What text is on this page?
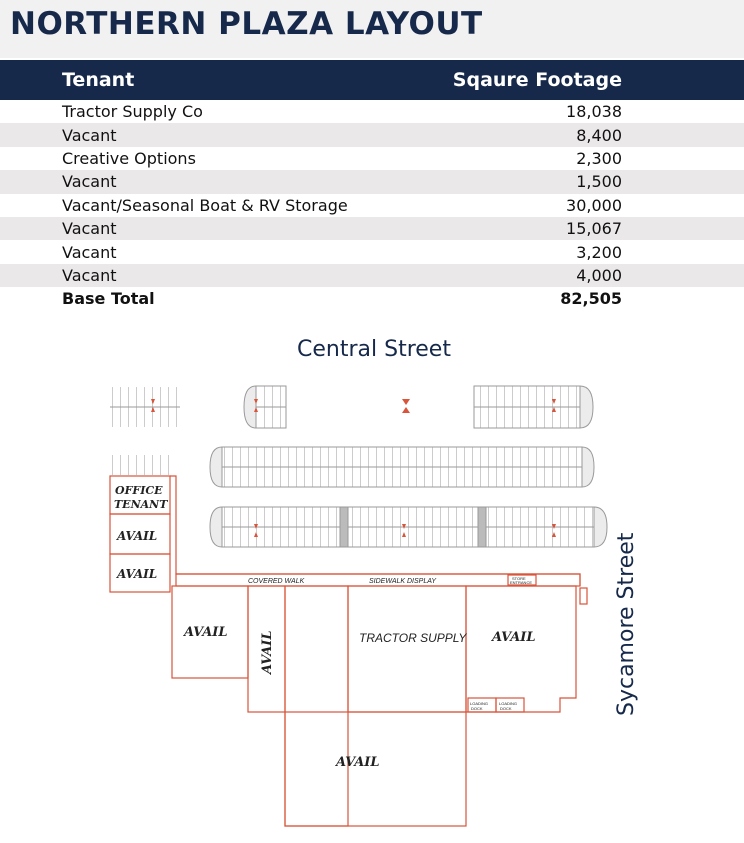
NORTHERN PLAZA LAYOUT
Tenant	Sqaure Footage
Tractor Supply Co	18,038
Vacant	8,400
Creative Options	2,300
Vacant	1,500
Vacant/Seasonal Boat & RV Storage	30,000
Vacant	15,067
Vacant	3,200
Vacant	4,000
Base Total	82,505
Central Street
Sycamore Street
OFFICE
TENANT
AVAIL
AVAIL
AVAIL AVAIL	TRACTOR SUPPLY AVAIL
AVAIL
COVERED WALK	SIDEWALK DISPLAY	STORE
ENTRANCE
LOADING
DOCK
LOADING
DOCK
